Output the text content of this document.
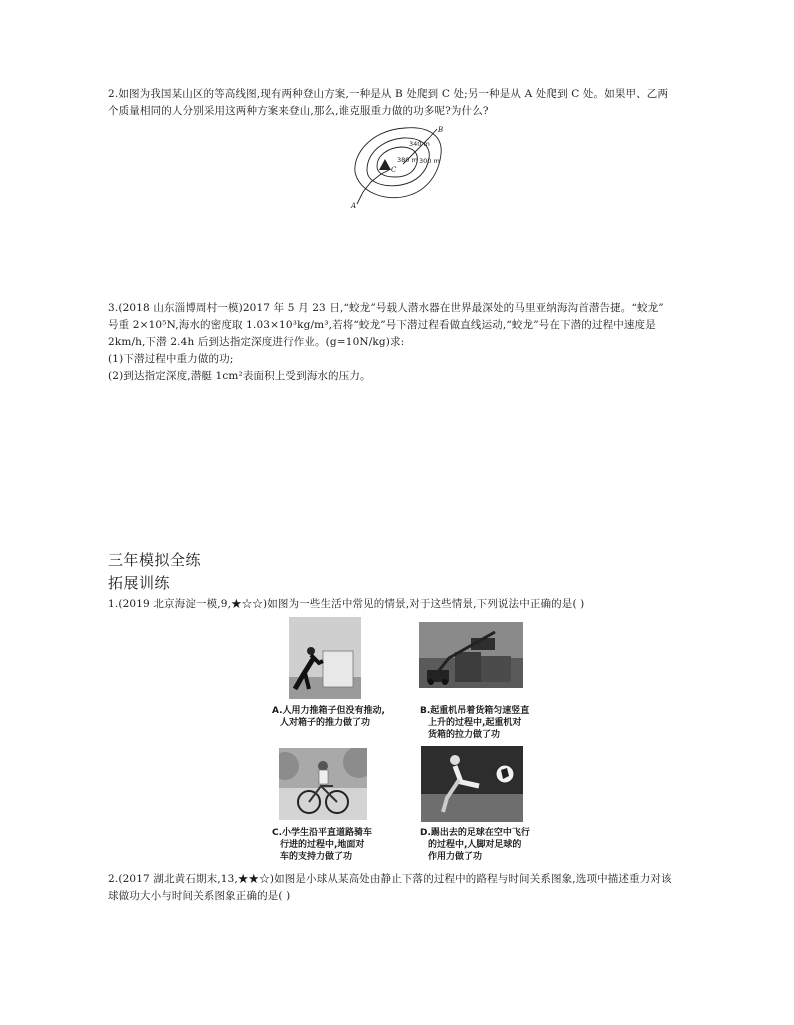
2.如图为我国某山区的等高线图,现有两种登山方案,一种是从 B 处爬到 C 处;另一种是从 A 处爬到 C 处。如果甲、乙两
个质量相同的人分别采用这两种方案来登山,那么,谁克服重力做的功多呢?为什么?
B
C
A
340 m
380 m 300 m
3.(2018 山东淄博周村一模)2017 年 5 月 23 日,“蛟龙”号载人潜水器在世界最深处的马里亚纳海沟首潜告捷。“蛟龙”
号重 2×10⁵N,海水的密度取 1.03×10³kg/m³,若将“蛟龙”号下潜过程看做直线运动,“蛟龙”号在下潜的过程中速度是
2km/h,下潜 2.4h 后到达指定深度进行作业。(g=10N/kg)求:
(1)下潜过程中重力做的功;
(2)到达指定深度,潜艇 1cm²表面积上受到海水的压力。
三年模拟全练
拓展训练
1.(2019 北京海淀一模,9,★☆☆)如图为一些生活中常见的情景,对于这些情景,下列说法中正确的是( )
A.人用力推箱子但没有推动,
人对箱子的推力做了功
B.起重机吊着货箱匀速竖直
上升的过程中,起重机对
货箱的拉力做了功
C.小学生沿平直道路骑车
行进的过程中,地面对
车的支持力做了功
D.踢出去的足球在空中飞行
的过程中,人脚对足球的
作用力做了功
2.(2017 湖北黄石期末,13,★★☆)如图是小球从某高处由静止下落的过程中的路程与时间关系图象,选项中描述重力对该
球做功大小与时间关系图象正确的是( )
